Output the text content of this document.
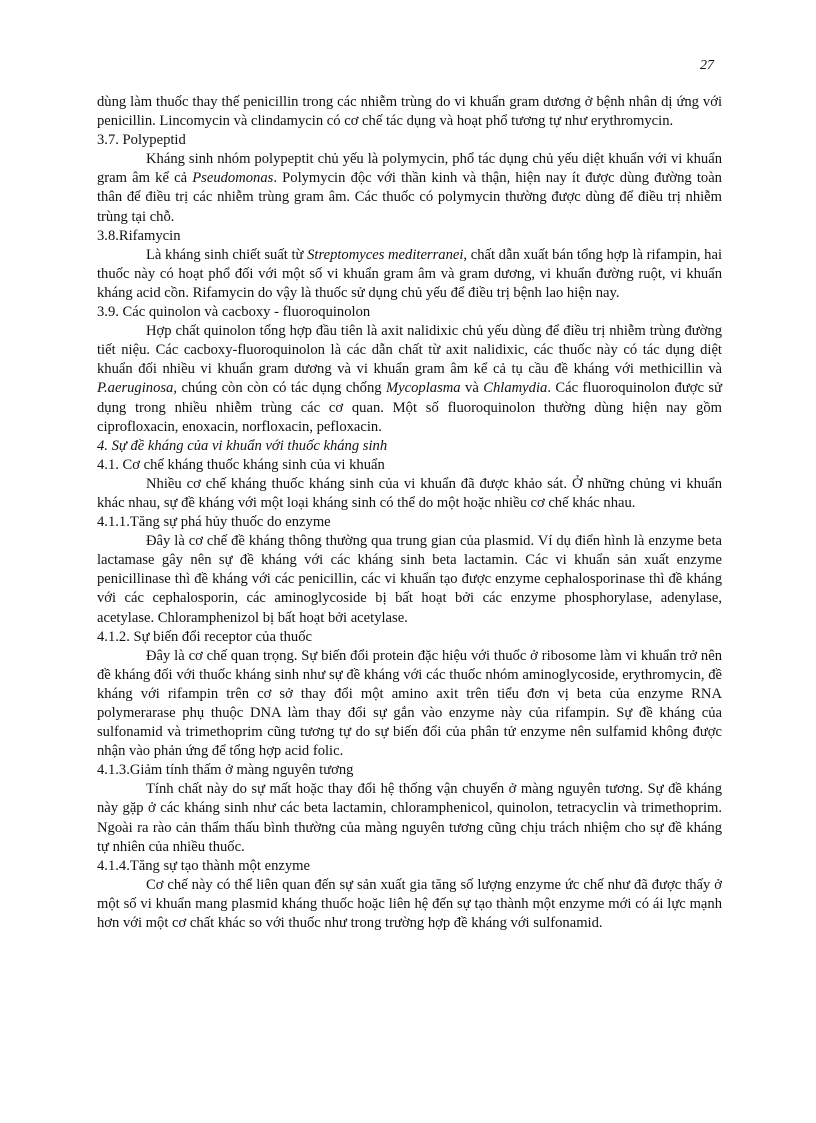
27

dùng làm thuốc thay thế penicillin trong các nhiễm trùng do vi khuẩn gram dương ở bệnh nhân dị ứng với penicillin. Lincomycin và clindamycin có cơ chế tác dụng và hoạt phổ tương tự như erythromycin.

3.7. Polypeptid

Kháng sinh nhóm polypeptit chủ yếu là polymycin, phổ tác dụng chủ yếu diệt khuẩn với vi khuẩn gram âm kể cả Pseudomonas. Polymycin độc với thần kinh và thận, hiện nay ít được dùng đường toàn thân để điều trị các nhiễm trùng gram âm. Các thuốc có polymycin thường được dùng để điều trị nhiễm trùng tại chỗ.

3.8.Rifamycin

Là kháng sinh chiết suất từ Streptomyces mediterranei, chất dẫn xuất bán tổng hợp là rifampin, hai thuốc này có hoạt phổ đối với một số vi khuẩn gram âm và gram dương, vi khuẩn đường ruột, vi khuẩn kháng acid cồn. Rifamycin do vậy là thuốc sử dụng chủ yếu để điều trị bệnh lao hiện nay.

3.9. Các quinolon và cacboxy - fluoroquinolon

Hợp chất quinolon tổng hợp đầu tiên là axit nalidixic chủ yếu dùng để điều trị nhiễm trùng đường tiết niệu. Các cacboxy-fluoroquinolon là các dẫn chất từ axit nalidixic, các thuốc này có tác dụng diệt khuẩn đối nhiều vi khuẩn gram dương và vi khuẩn gram âm kể cả tụ cầu đề kháng với methicillin và P.aeruginosa, chúng còn còn có tác dụng chống Mycoplasma và Chlamydia. Các fluoroquinolon được sử dụng trong nhiều nhiễm trùng các cơ quan. Một số fluoroquinolon thường dùng hiện nay gồm ciprofloxacin, enoxacin, norfloxacin, pefloxacin.

4. Sự đề kháng của vi khuẩn với thuốc kháng sinh

4.1. Cơ chế kháng thuốc kháng sinh của vi khuẩn

Nhiều cơ chế kháng thuốc kháng sinh của vi khuẩn đã được khảo sát. Ở những chủng vi khuẩn khác nhau, sự đề kháng với một loại kháng sinh có thể do một hoặc nhiều cơ chế khác nhau.

4.1.1.Tăng sự phá hủy thuốc do enzyme

Đây là cơ chế đề kháng thông thường qua trung gian của plasmid. Ví dụ điển hình là enzyme beta lactamase gây nên sự đề kháng với các kháng sinh beta lactamin. Các vi khuẩn sản xuất enzyme penicillinase thì đề kháng với các penicillin, các vi khuẩn tạo được enzyme cephalosporinase thì đề kháng với các cephalosporin, các aminoglycoside bị bất hoạt bởi các enzyme phosphorylase, adenylase, acetylase. Chloramphenizol bị bất hoạt bởi acetylase.

4.1.2. Sự biến đổi receptor của thuốc

Đây là cơ chế quan trọng. Sự biến đổi protein đặc hiệu với thuốc ở ribosome làm vi khuẩn trở nên đề kháng đối với thuốc kháng sinh như sự đề kháng với các thuốc nhóm aminoglycoside, erythromycin, đề kháng với rifampin trên cơ sở thay đổi một amino axit trên tiểu đơn vị beta của enzyme RNA polymerarase phụ thuộc DNA làm thay đổi sự gắn vào enzyme này của rifampin. Sự đề kháng của sulfonamid và trimethoprim cũng tương tự do sự biến đổi của phân tử enzyme nên sulfamid không được nhận vào phản ứng để tổng hợp acid folic.

4.1.3.Giảm tính thấm ở màng nguyên tương

Tính chất này do sự mất hoặc thay đổi hệ thống vận chuyển ở màng nguyên tương. Sự đề kháng này gặp ở các kháng sinh như các beta lactamin, chloramphenicol, quinolon, tetracyclin và trimethoprim. Ngoài ra rào cản thẩm thấu bình thường của màng nguyên tương cũng chịu trách nhiệm cho sự đề kháng tự nhiên của nhiều thuốc.

4.1.4.Tăng sự tạo thành một enzyme

Cơ chế này có thể liên quan đến sự sản xuất gia tăng số lượng enzyme ức chế như đã được thấy ở một số vi khuẩn mang plasmid kháng thuốc hoặc liên hệ đến sự tạo thành một enzyme mới có ái lực mạnh hơn với một cơ chất khác so với thuốc như trong trường hợp đề kháng với sulfonamid.
